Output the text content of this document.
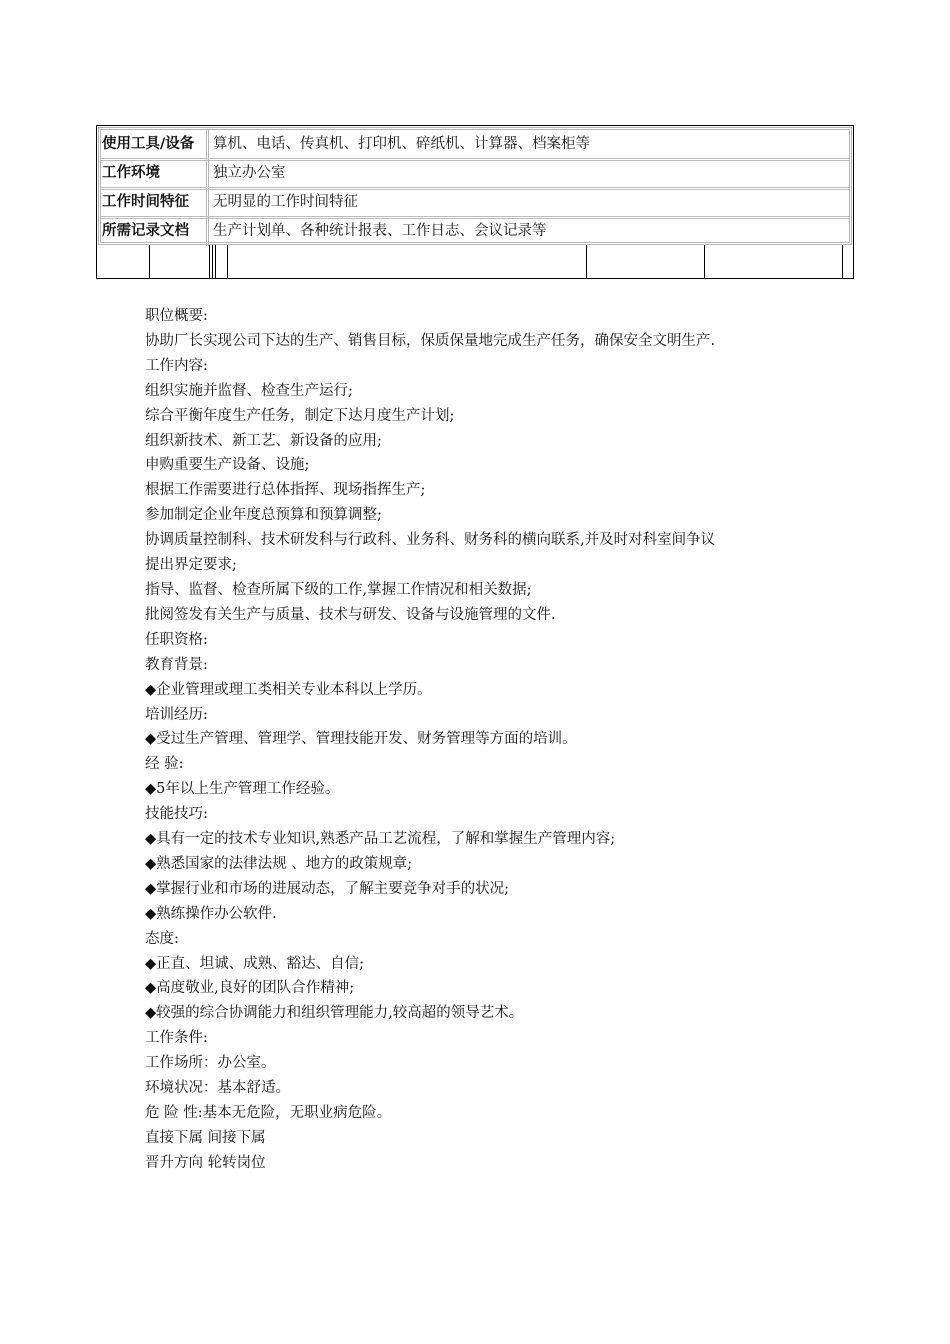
使用工具/设备	算机、电话、传真机、打印机、碎纸机、计算器、档案柜等
工作环境	独立办公室
工作时间特征	无明显的工作时间特征
所需记录文档	生产计划单、各种统计报表、工作日志、会议记录等

职位概要:

协助厂长实现公司下达的生产、销售目标，保质保量地完成生产任务，确保安全文明生产.

工作内容:

组织实施并监督、检查生产运行;

综合平衡年度生产任务，制定下达月度生产计划;

组织新技术、新工艺、新设备的应用;

申购重要生产设备、设施;

根据工作需要进行总体指挥、现场指挥生产;

参加制定企业年度总预算和预算调整;

协调质量控制科、技术研发科与行政科、业务科、财务科的横向联系,并及时对科室间争议

提出界定要求;

指导、监督、检查所属下级的工作,掌握工作情况和相关数据;

批阅签发有关生产与质量、技术与研发、设备与设施管理的文件.

任职资格:

教育背景:

◆企业管理或理工类相关专业本科以上学历。

培训经历:

◆受过生产管理、管理学、管理技能开发、财务管理等方面的培训。

经 验:

◆5年以上生产管理工作经验。

技能技巧:

◆具有一定的技术专业知识,熟悉产品工艺流程，了解和掌握生产管理内容;

◆熟悉国家的法律法规 、地方的政策规章;

◆掌握行业和市场的进展动态，了解主要竞争对手的状况;

◆熟练操作办公软件.

态度:

◆正直、坦诚、成熟、豁达、自信;

◆高度敬业,良好的团队合作精神;

◆较强的综合协调能力和组织管理能力,较高超的领导艺术。

工作条件:

工作场所：办公室。

环境状况：基本舒适。

危 险 性:基本无危险，无职业病危险。

直接下属 间接下属

晋升方向 轮转岗位
